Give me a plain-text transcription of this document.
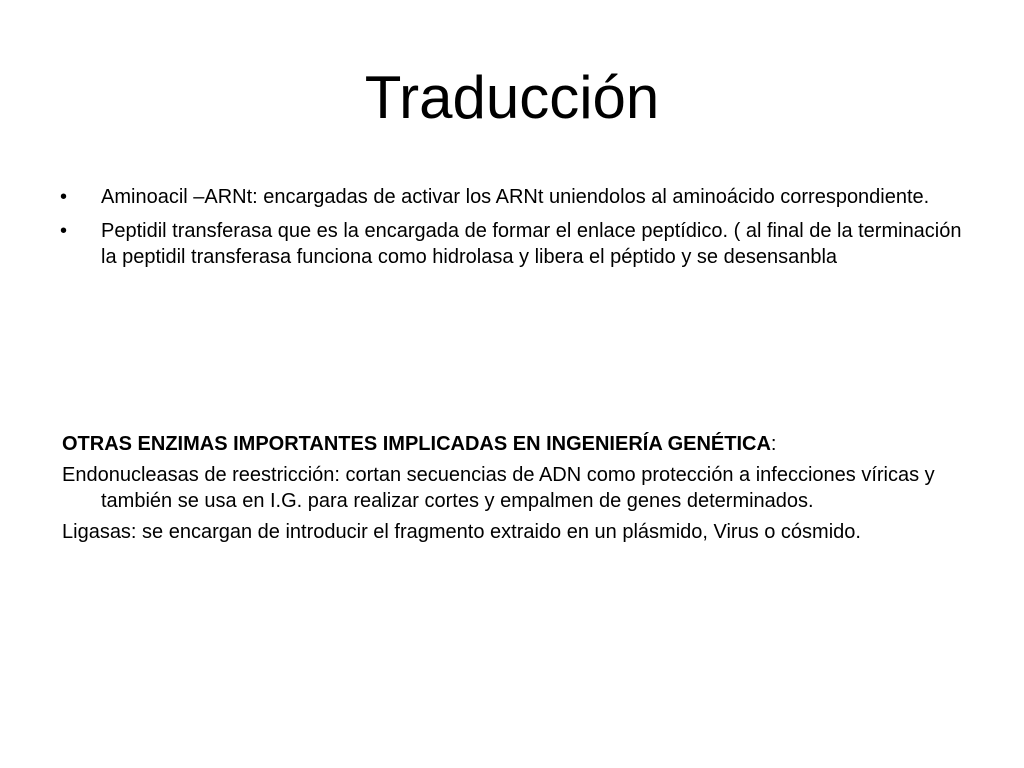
Traducción
• Aminoacil –ARNt: encargadas de activar los ARNt uniendolos al aminoácido correspondiente.
• Peptidil transferasa que es la encargada de formar el enlace peptídico. ( al final de la terminación la peptidil transferasa funciona como hidrolasa y libera el péptido y se desensanbla

OTRAS ENZIMAS IMPORTANTES IMPLICADAS EN INGENIERÍA GENÉTICA:

Endonucleasas de reestricción: cortan secuencias de ADN como protección a infecciones víricas y también se usa en I.G. para realizar cortes y empalmen de genes determinados.

Ligasas: se encargan de introducir el fragmento extraido en un plásmido, Virus o cósmido.
